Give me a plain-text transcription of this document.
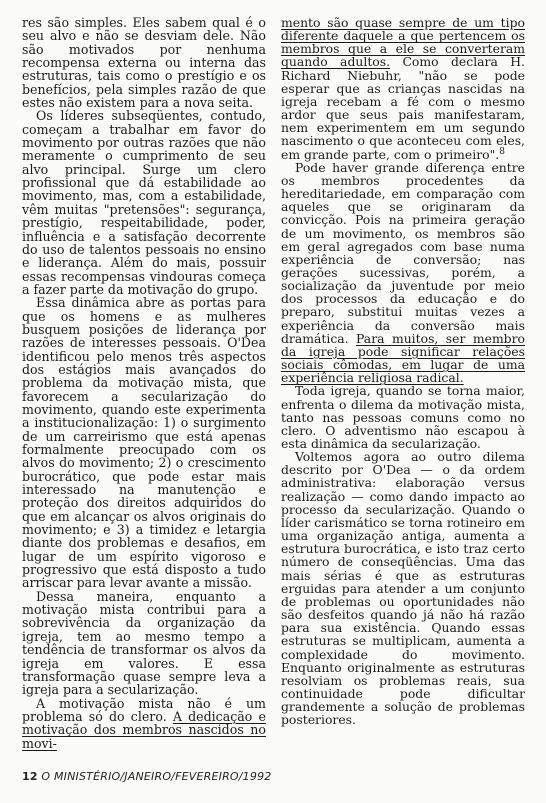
res são simples. Eles sabem qual é o seu alvo e não se desviam dele. Não são motivados por nenhuma recompensa externa ou interna das estruturas, tais como o prestígio e os benefícios, pela simples razão de que estes não existem para a nova seita.

Os líderes subseqüentes, contudo, começam a trabalhar em favor do movimento por outras razões que não meramente o cumprimento de seu alvo principal. Surge um clero profissional que dá estabilidade ao movimento, mas, com a estabilidade, vêm muitas "pretensões": segurança, prestígio, respeitabilidade, poder, influência e a satisfação decorrente do uso de talentos pessoais no ensino e liderança. Além do mais, possuir essas recompensas vindouras começa a fazer parte da motivação do grupo.

Essa dinâmica abre as portas para que os homens e as mulheres busquem posições de liderança por razões de interesses pessoais. O'Dea identificou pelo menos três aspectos dos estágios mais avançados do problema da motivação mista, que favorecem a secularização do movimento, quando este experimenta a institucionalização: 1) o surgimento de um carreirismo que está apenas formalmente preocupado com os alvos do movimento; 2) o crescimento burocrático, que pode estar mais interessado na manutenção e proteção dos direitos adquiridos do que em alcançar os alvos originais do movimento; e 3) a timidez e letargia diante dos problemas e desafios, em lugar de um espírito vigoroso e progressivo que está disposto a tudo arriscar para levar avante a missão.

Dessa maneira, enquanto a motivação mista contribui para a sobrevivência da organização da igreja, tem ao mesmo tempo a tendência de transformar os alvos da igreja em valores. E essa transformação quase sempre leva a igreja para a secularização.

A motivação mista não é um problema só do clero. A dedicação e motivação dos membros nascidos no movi-

mento são quase sempre de um tipo diferente daquele a que pertencem os membros que a ele se converteram quando adultos. Como declara H. Richard Niebuhr, "não se pode esperar que as crianças nascidas na igreja recebam a fé com o mesmo ardor que seus pais manifestaram, nem experimentem em um segundo nascimento o que aconteceu com eles, em grande parte, com o primeiro".$^8$

Pode haver grande diferença entre os membros procedentes da hereditariedade, em comparação com aqueles que se originaram da convicção. Pois na primeira geração de um movimento, os membros são em geral agregados com base numa experiência de conversão; nas gerações sucessivas, porém, a socialização da juventude por meio dos processos da educação e do preparo, substitui muitas vezes a experiência da conversão mais dramática. Para muitos, ser membro da igreja pode significar relações sociais cômodas, em lugar de uma experiência religiosa radical.

Toda igreja, quando se torna maior, enfrenta o dilema da motivação mista, tanto nas pessoas comuns como no clero. O adventismo não escapou à esta dinâmica da secularização.

Voltemos agora ao outro dilema descrito por O'Dea — o da ordem administrativa: elaboração versus realização — como dando impacto ao processo da secularização. Quando o líder carismático se torna rotineiro em uma organização antiga, aumenta a estrutura burocrática, e isto traz certo número de conseqüências. Uma das mais sérias é que as estruturas erguidas para atender a um conjunto de problemas ou oportunidades não são desfeitos quando já não há razão para sua existência. Quando essas estruturas se multiplicam, aumenta a complexidade do movimento. Enquanto originalmente as estruturas resolviam os problemas reais, sua continuidade pode dificultar grandemente a solução de problemas posteriores.

12 O MINISTÉRIO/JANEIRO/FEVEREIRO/1992
